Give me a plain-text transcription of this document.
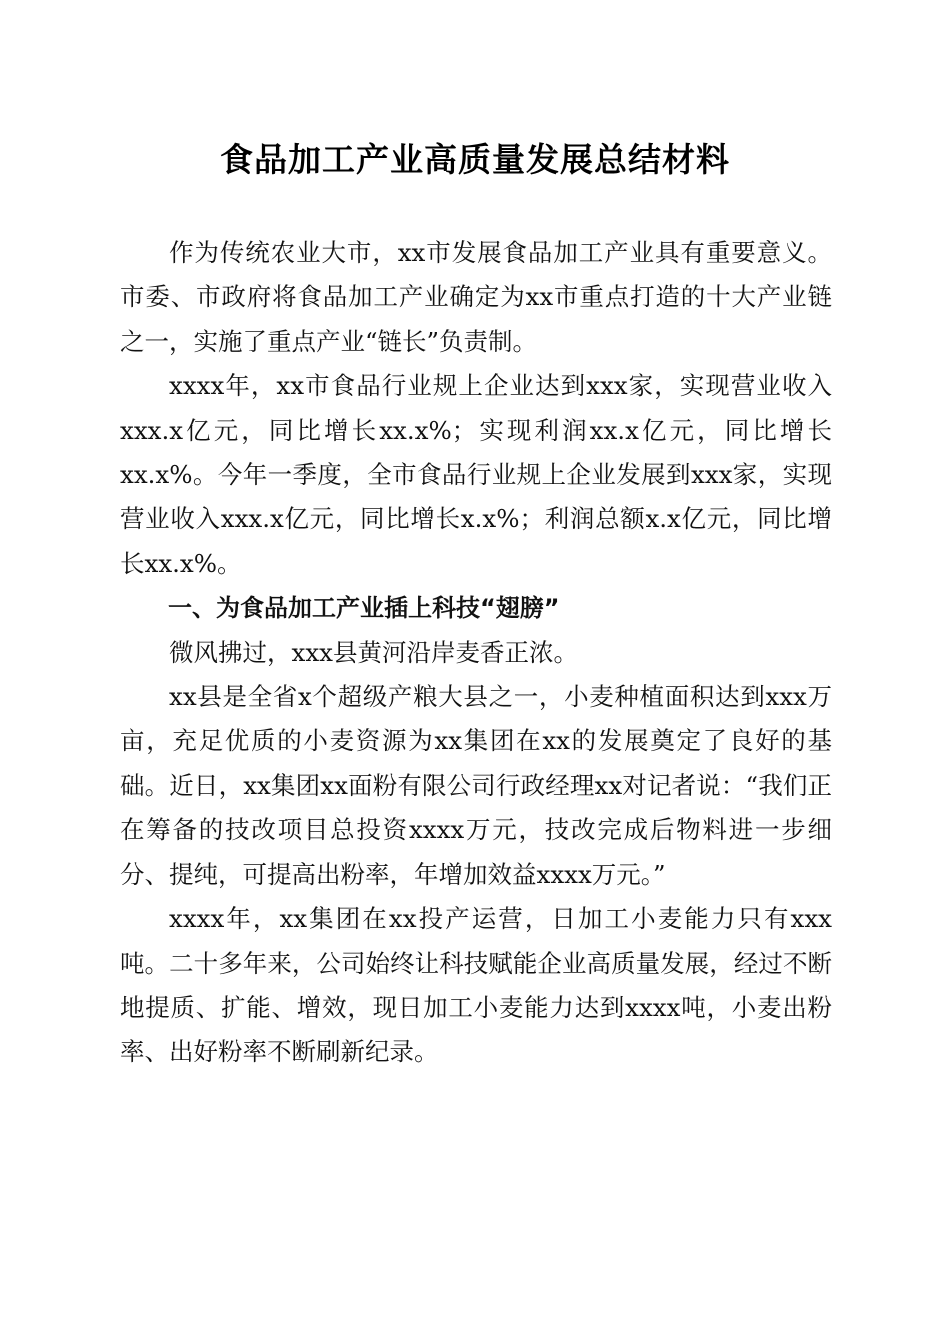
食品加工产业高质量发展总结材料

作为传统农业大市，xx市发展食品加工产业具有重要意义。市委、市政府将食品加工产业确定为xx市重点打造的十大产业链之一，实施了重点产业“链长”负责制。

xxxx年，xx市食品行业规上企业达到xxx家，实现营业收入xxx.x亿元，同比增长xx.x%；实现利润xx.x亿元，同比增长xx.x%。今年一季度，全市食品行业规上企业发展到xxx家，实现营业收入xxx.x亿元，同比增长x.x%；利润总额x.x亿元，同比增长xx.x%。

一、为食品加工产业插上科技“翅膀”

微风拂过，xxx县黄河沿岸麦香正浓。

xx县是全省x个超级产粮大县之一，小麦种植面积达到xxx万亩，充足优质的小麦资源为xx集团在xx的发展奠定了良好的基础。近日，xx集团xx面粉有限公司行政经理xx对记者说：“我们正在筹备的技改项目总投资xxxx万元，技改完成后物料进一步细分、提纯，可提高出粉率，年增加效益xxxx万元。”

xxxx年，xx集团在xx投产运营，日加工小麦能力只有xxx吨。二十多年来，公司始终让科技赋能企业高质量发展，经过不断地提质、扩能、增效，现日加工小麦能力达到xxxx吨，小麦出粉率、出好粉率不断刷新纪录。
